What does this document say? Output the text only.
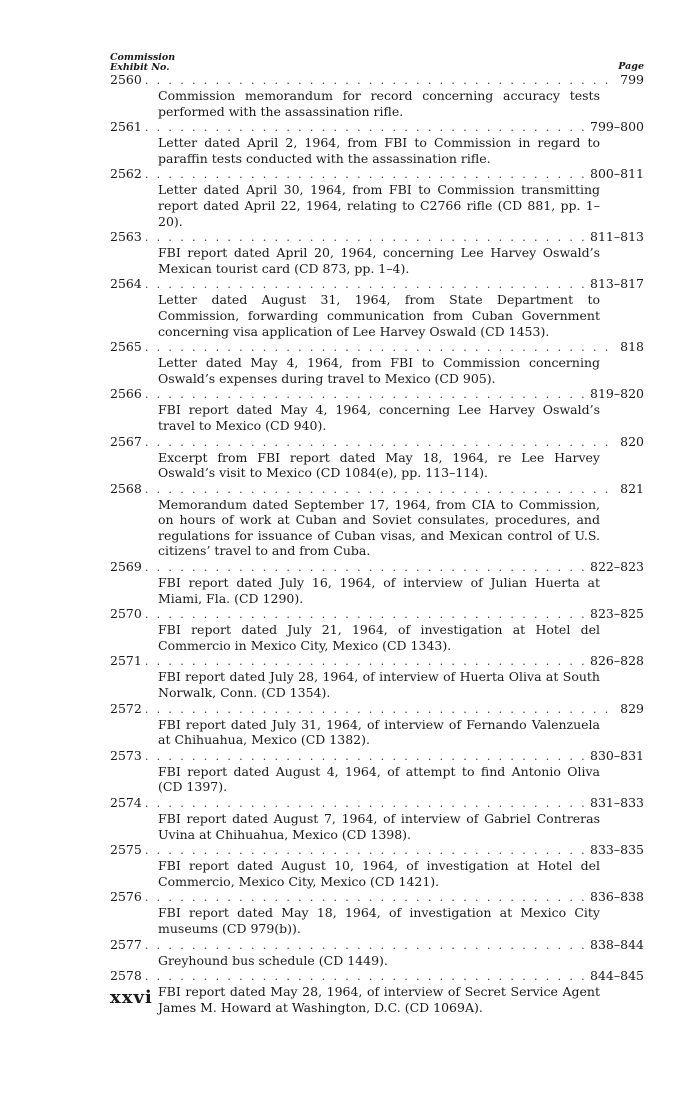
Commission
Exhibit No.	Page
2560 . . .	799

Commission memorandum for record concerning accuracy tests performed with the assassination rifle.

2561 . . .	799–800

Letter dated April 2, 1964, from FBI to Commission in regard to paraffin tests conducted with the assassination rifle.

2562 . . .	800–811

Letter dated April 30, 1964, from FBI to Commission transmitting report dated April 22, 1964, relating to C2766 rifle (CD 881, pp. 1–20).

2563 . . .	811–813

FBI report dated April 20, 1964, concerning Lee Harvey Oswald’s Mexican tourist card (CD 873, pp. 1–4).

2564 . . .	813–817

Letter dated August 31, 1964, from State Department to Commission, forwarding communication from Cuban Government concerning visa application of Lee Harvey Oswald (CD 1453).

2565 . . .	818

Letter dated May 4, 1964, from FBI to Commission concerning Oswald’s expenses during travel to Mexico (CD 905).

2566 . . .	819–820

FBI report dated May 4, 1964, concerning Lee Harvey Oswald’s travel to Mexico (CD 940).

2567 . . .	820

Excerpt from FBI report dated May 18, 1964, re Lee Harvey Oswald’s visit to Mexico (CD 1084(e), pp. 113–114).

2568 . . .	821

Memorandum dated September 17, 1964, from CIA to Commission, on hours of work at Cuban and Soviet consulates, procedures, and regulations for issuance of Cuban visas, and Mexican control of U.S. citizens’ travel to and from Cuba.

2569 . . .	822–823

FBI report dated July 16, 1964, of interview of Julian Huerta at Miami, Fla. (CD 1290).

2570 . . .	823–825

FBI report dated July 21, 1964, of investigation at Hotel del Commercio in Mexico City, Mexico (CD 1343).

2571 . . .	826–828

FBI report dated July 28, 1964, of interview of Huerta Oliva at South Norwalk, Conn. (CD 1354).

2572 . . .	829

FBI report dated July 31, 1964, of interview of Fernando Valenzuela at Chihuahua, Mexico (CD 1382).

2573 . . .	830–831

FBI report dated August 4, 1964, of attempt to find Antonio Oliva (CD 1397).

2574 . . .	831–833

FBI report dated August 7, 1964, of interview of Gabriel Contreras Uvina at Chihuahua, Mexico (CD 1398).

2575 . . .	833–835

FBI report dated August 10, 1964, of investigation at Hotel del Commercio, Mexico City, Mexico (CD 1421).

2576 . . .	836–838

FBI report dated May 18, 1964, of investigation at Mexico City museums (CD 979(b)).

2577 . . .	838–844

Greyhound bus schedule (CD 1449).

2578 . . .	844–845

FBI report dated May 28, 1964, of interview of Secret Service Agent James M. Howard at Washington, D.C. (CD 1069A).

xxvi
